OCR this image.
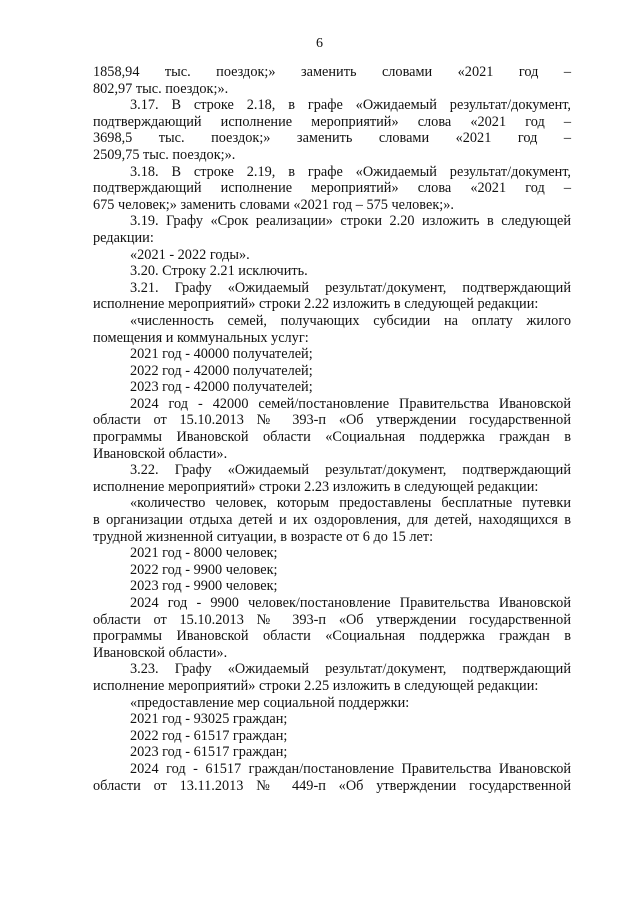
6
1858,94 тыс. поездок;» заменить словами «2021 год –
802,97 тыс. поездок;».
3.17. В строке 2.18, в графе «Ожидаемый результат/документ,
подтверждающий исполнение мероприятий» слова «2021 год –
3698,5 тыс. поездок;» заменить словами «2021 год –
2509,75 тыс. поездок;».
3.18. В строке 2.19, в графе «Ожидаемый результат/документ,
подтверждающий исполнение мероприятий» слова «2021 год –
675 человек;» заменить словами «2021 год – 575 человек;».
3.19. Графу «Срок реализации» строки 2.20 изложить в следующей
редакции:
«2021 - 2022 годы».
3.20. Строку 2.21 исключить.
3.21. Графу «Ожидаемый результат/документ, подтверждающий
исполнение мероприятий» строки 2.22 изложить в следующей редакции:
«численность семей, получающих субсидии на оплату жилого
помещения и коммунальных услуг:
2021 год - 40000 получателей;
2022 год - 42000 получателей;
2023 год - 42000 получателей;
2024 год - 42000 семей/постановление Правительства Ивановской
области от 15.10.2013 № 393-п «Об утверждении государственной
программы Ивановской области «Социальная поддержка граждан в
Ивановской области».
3.22. Графу «Ожидаемый результат/документ, подтверждающий
исполнение мероприятий» строки 2.23 изложить в следующей редакции:
«количество человек, которым предоставлены бесплатные путевки
в организации отдыха детей и их оздоровления, для детей, находящихся в
трудной жизненной ситуации, в возрасте от 6 до 15 лет:
2021 год - 8000 человек;
2022 год - 9900 человек;
2023 год - 9900 человек;
2024 год - 9900 человек/постановление Правительства Ивановской
области от 15.10.2013 № 393-п «Об утверждении государственной
программы Ивановской области «Социальная поддержка граждан в
Ивановской области».
3.23. Графу «Ожидаемый результат/документ, подтверждающий
исполнение мероприятий» строки 2.25 изложить в следующей редакции:
«предоставление мер социальной поддержки:
2021 год - 93025 граждан;
2022 год - 61517 граждан;
2023 год - 61517 граждан;
2024 год - 61517 граждан/постановление Правительства Ивановской
области от 13.11.2013 № 449-п «Об утверждении государственной
